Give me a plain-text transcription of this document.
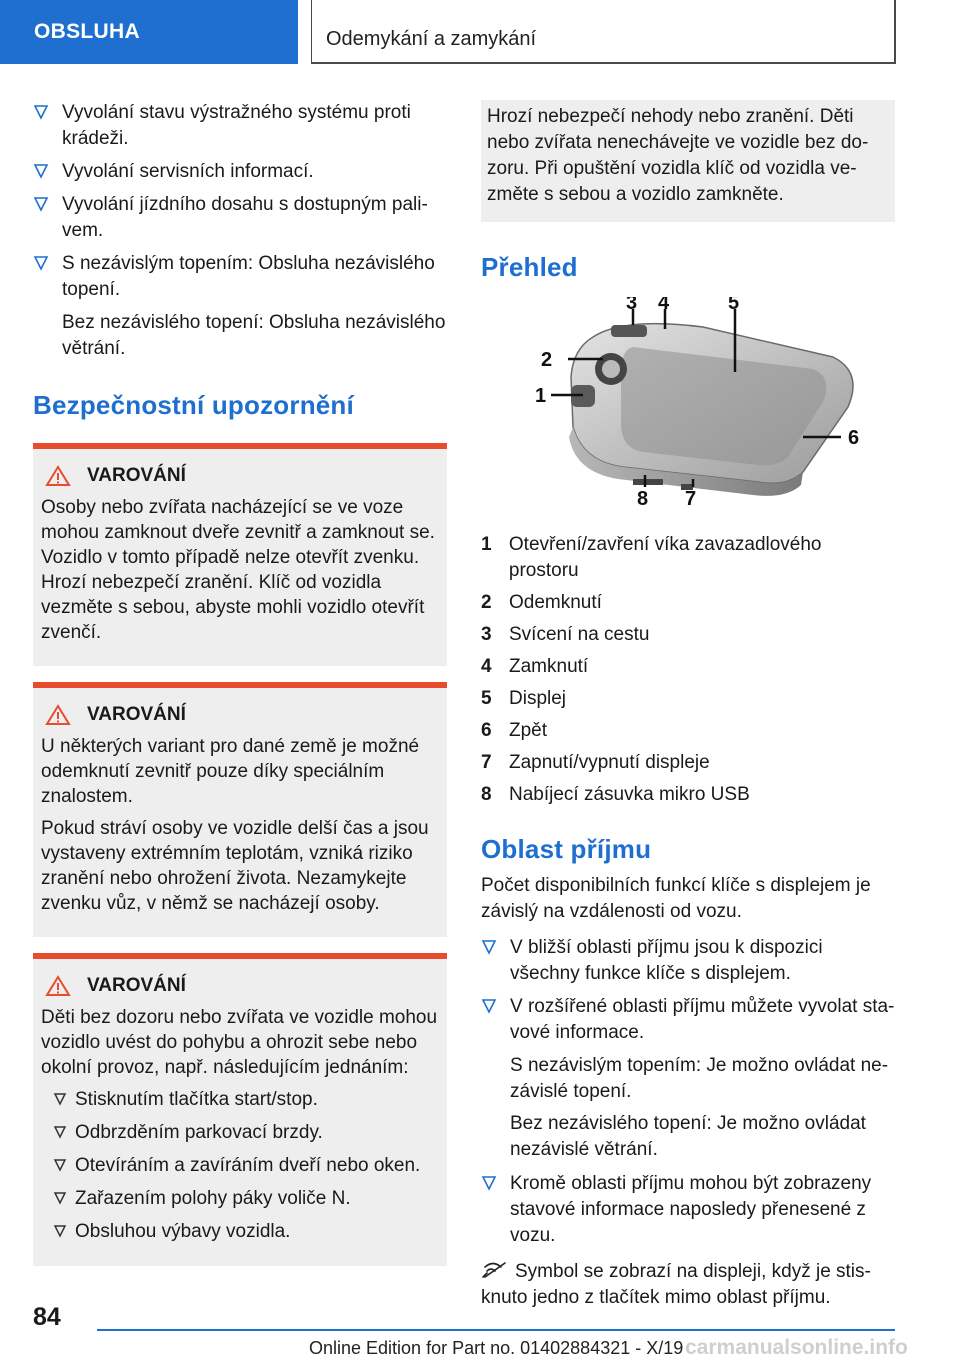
OBSLUHA	Odemykání a zamykání
Vyvolání stavu výstražného systému proti krádeži.
Vyvolání servisních informací.
Vyvolání jízdního dosahu s dostupným palivem.
S nezávislým topením: Obsluha nezávislého topení.
Bez nezávislého topení: Obsluha nezávislého větrání.
Bezpečnostní upozornění
VAROVÁNÍ
Osoby nebo zvířata nacházející se ve voze mohou zamknout dveře zevnitř a zamknout se. Vozidlo v tomto případě nelze otevřít zvenku. Hrozí nebezpečí zranění. Klíč od vozidla vezměte s sebou, abyste mohli vozidlo otevřít zvenčí.
VAROVÁNÍ
U některých variant pro dané země je možné odemknutí zevnitř pouze díky speciálním znalostem.
Pokud stráví osoby ve vozidle delší čas a jsou vystaveny extrémním teplotám, vzniká riziko zranění nebo ohrožení života. Nezamykejte zvenku vůz, v němž se nacházejí osoby.
VAROVÁNÍ
Děti bez dozoru nebo zvířata ve vozidle mohou vozidlo uvést do pohybu a ohrozit sebe nebo okolní provoz, např. následujícím jednáním:
Stisknutím tlačítka start/stop.
Odbrzděním parkovací brzdy.
Otevíráním a zavíráním dveří nebo oken.
Zařazením polohy páky voliče N.
Obsluhou výbavy vozidla.
Hrozí nebezpečí nehody nebo zranění. Děti nebo zvířata nenechávejte ve vozidle bez dozoru. Při opuštění vozidla klíč od vozidla vezměte s sebou a vozidlo zamkněte.
Přehled
3 4	5
2
1
6
7
8
1 Otevření/zavření víka zavazadlového prostoru
2 Odemknutí
3 Svícení na cestu
4 Zamknutí
5 Displej
6 Zpět
7 Zapnutí/vypnutí displeje
8 Nabíjecí zásuvka mikro USB
Oblast příjmu
Počet disponibilních funkcí klíče s displejem je závislý na vzdálenosti od vozu.
V bližší oblasti příjmu jsou k dispozici všechny funkce klíče s displejem.
V rozšířené oblasti příjmu můžete vyvolat stavové informace.
S nezávislým topením: Je možno ovládat nezávislé topení.
Bez nezávislého topení: Je možno ovládat nezávislé větrání.
Kromě oblasti příjmu mohou být zobrazeny stavové informace naposledy přenesené z vozu.
Symbol se zobrazí na displeji, když je stisknuto jedno z tlačítek mimo oblast příjmu.
84
Online Edition for Part no. 01402884321 - X/19 carmanualsonline.info
